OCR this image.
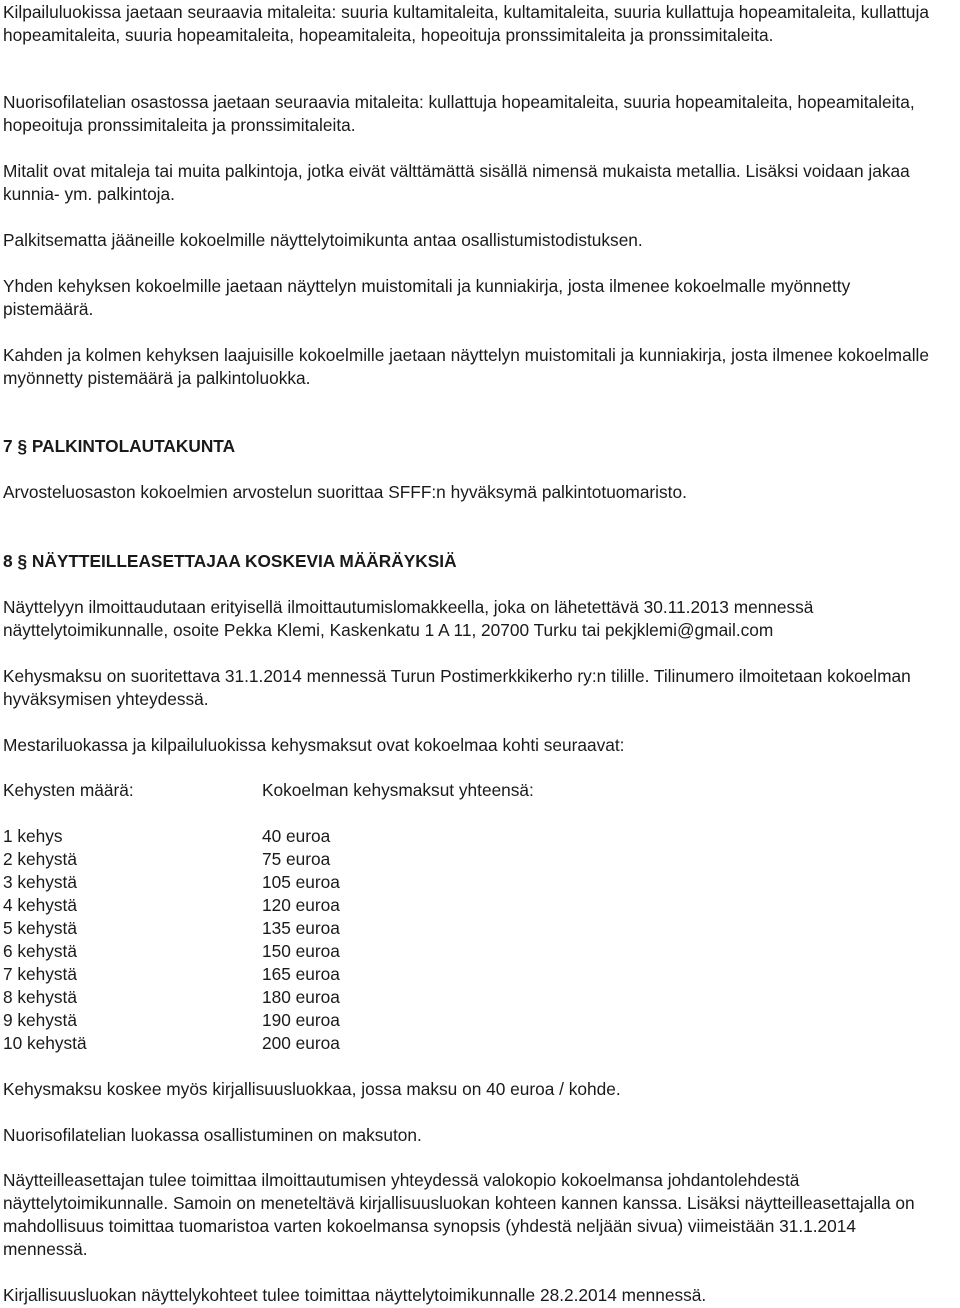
Kilpailuluokissa jaetaan seuraavia mitaleita: suuria kultamitaleita, kultamitaleita, suuria kullattuja hopeamitaleita, kullattuja hopeamitaleita, suuria hopeamitaleita, hopeamitaleita, hopeoituja pronssimitaleita ja pronssimitaleita.

Nuorisofilatelian osastossa jaetaan seuraavia mitaleita: kullattuja hopeamitaleita, suuria hopeamitaleita, hopeamitaleita, hopeoituja pronssimitaleita ja pronssimitaleita.

Mitalit ovat mitaleja tai muita palkintoja, jotka eivät välttämättä sisällä nimensä mukaista metallia. Lisäksi voidaan jakaa kunnia- ym. palkintoja.

Palkitsematta jääneille kokoelmille näyttelytoimikunta antaa osallistumistodistuksen.

Yhden kehyksen kokoelmille jaetaan näyttelyn muistomitali ja kunniakirja, josta ilmenee kokoelmalle myönnetty pistemäärä.

Kahden ja kolmen kehyksen laajuisille kokoelmille jaetaan näyttelyn muistomitali ja kunniakirja, josta ilmenee kokoelmalle myönnetty pistemäärä ja palkintoluokka.

7 § PALKINTOLAUTAKUNTA

Arvosteluosaston kokoelmien arvostelun suorittaa SFFF:n hyväksymä palkintotuomaristo.

8 § NÄYTTEILLEASETTAJAA KOSKEVIA MÄÄRÄYKSIÄ
Näyttelyyn ilmoittaudutaan erityisellä ilmoittautumislomakkeella, joka on lähetettävä 30.11.2013 mennessä
näyttelytoimikunnalle, osoite Pekka Klemi, Kaskenkatu 1 A 11, 20700 Turku tai pekjklemi@gmail.com

Kehysmaksu on suoritettava 31.1.2014 mennessä Turun Postimerkkikerho ry:n tilille. Tilinumero ilmoitetaan kokoelman hyväksymisen yhteydessä.

Mestariluokassa ja kilpailuluokissa kehysmaksut ovat kokoelmaa kohti seuraavat:

Kehysten määrä:	Kokoelman kehysmaksut yhteensä:
1 kehys	40 euroa
2 kehystä	75 euroa
3 kehystä	105 euroa
4 kehystä	120 euroa
5 kehystä	135 euroa
6 kehystä	150 euroa
7 kehystä	165 euroa
8 kehystä	180 euroa
9 kehystä	190 euroa
10 kehystä	200 euroa

Kehysmaksu koskee myös kirjallisuusluokkaa, jossa maksu on 40 euroa / kohde.

Nuorisofilatelian luokassa osallistuminen on maksuton.

Näytteilleasettajan tulee toimittaa ilmoittautumisen yhteydessä valokopio kokoelmansa johdantolehdestä näyttelytoimikunnalle. Samoin on meneteltävä kirjallisuusluokan kohteen kannen kanssa. Lisäksi näytteilleasettajalla on mahdollisuus toimittaa tuomaristoa varten kokoelmansa synopsis (yhdestä neljään sivua) viimeistään 31.1.2014 mennessä.

Kirjallisuusluokan näyttelykohteet tulee toimittaa näyttelytoimikunnalle 28.2.2014 mennessä.
